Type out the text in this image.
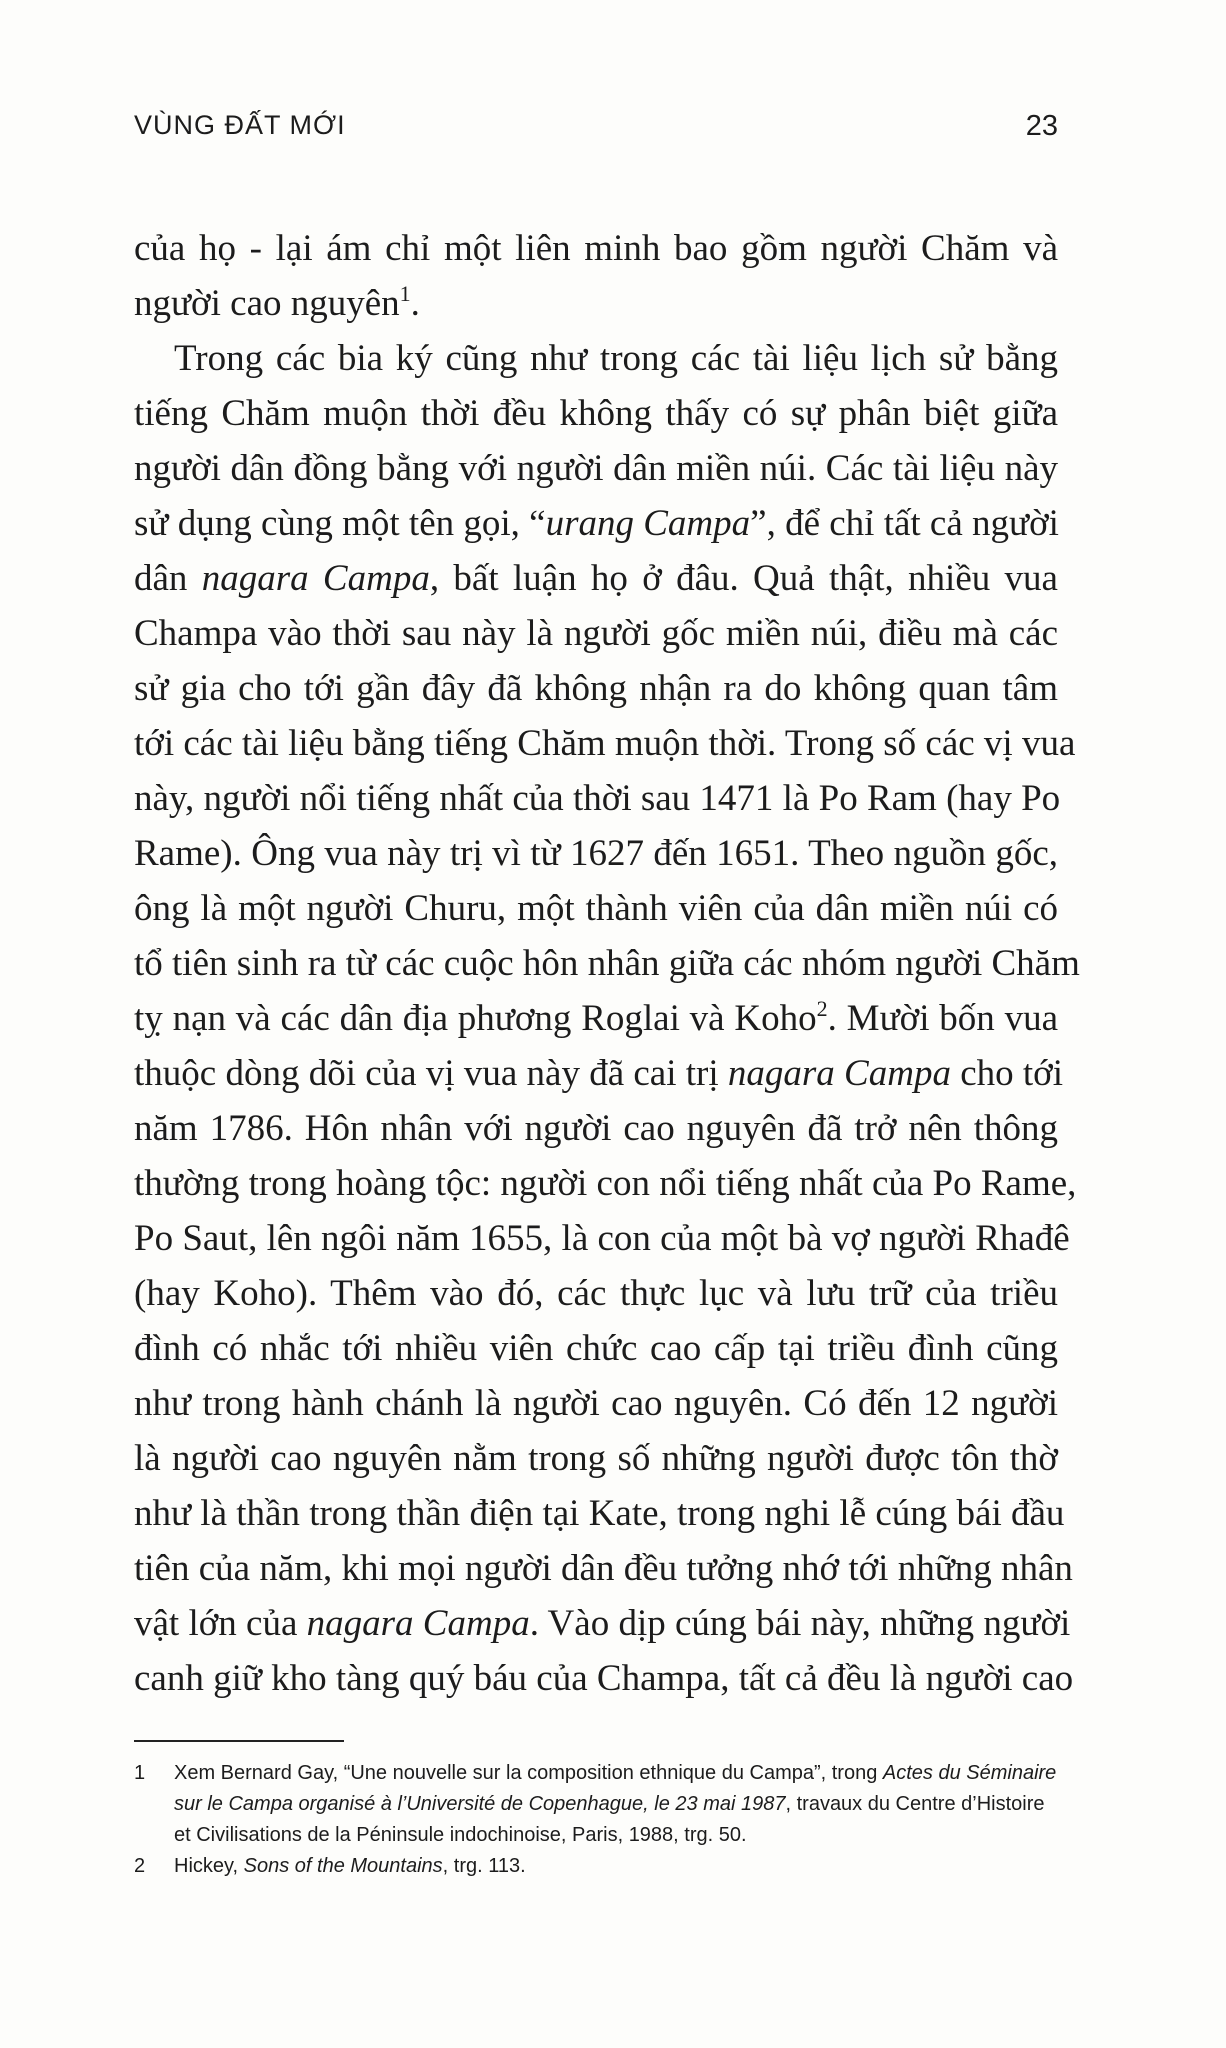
VÙNG ĐẤT MỚI	23
của họ - lại ám chỉ một liên minh bao gồm người Chăm và
người cao nguyên$^1$.
Trong các bia ký cũng như trong các tài liệu lịch sử bằng
tiếng Chăm muộn thời đều không thấy có sự phân biệt giữa
người dân đồng bằng với người dân miền núi. Các tài liệu này
sử dụng cùng một tên gọi, “urang Campa”, để chỉ tất cả người
dân nagara Campa, bất luận họ ở đâu. Quả thật, nhiều vua
Champa vào thời sau này là người gốc miền núi, điều mà các
sử gia cho tới gần đây đã không nhận ra do không quan tâm
tới các tài liệu bằng tiếng Chăm muộn thời. Trong số các vị vua
này, người nổi tiếng nhất của thời sau 1471 là Po Ram (hay Po
Rame). Ông vua này trị vì từ 1627 đến 1651. Theo nguồn gốc,
ông là một người Churu, một thành viên của dân miền núi có
tổ tiên sinh ra từ các cuộc hôn nhân giữa các nhóm người Chăm
tỵ nạn và các dân địa phương Roglai và Koho$^2$. Mười bốn vua
thuộc dòng dõi của vị vua này đã cai trị nagara Campa cho tới
năm 1786. Hôn nhân với người cao nguyên đã trở nên thông
thường trong hoàng tộc: người con nổi tiếng nhất của Po Rame,
Po Saut, lên ngôi năm 1655, là con của một bà vợ người Rhađê
(hay Koho). Thêm vào đó, các thực lục và lưu trữ của triều
đình có nhắc tới nhiều viên chức cao cấp tại triều đình cũng
như trong hành chánh là người cao nguyên. Có đến 12 người
là người cao nguyên nằm trong số những người được tôn thờ
như là thần trong thần điện tại Kate, trong nghi lễ cúng bái đầu
tiên của năm, khi mọi người dân đều tưởng nhớ tới những nhân
vật lớn của nagara Campa. Vào dịp cúng bái này, những người
canh giữ kho tàng quý báu của Champa, tất cả đều là người cao
1 Xem Bernard Gay, “Une nouvelle sur la composition ethnique du Campa”, trong Actes du Séminaire
sur le Campa organisé à l’Université de Copenhague, le 23 mai 1987, travaux du Centre d’Histoire
et Civilisations de la Péninsule indochinoise, Paris, 1988, trg. 50.
2 Hickey, Sons of the Mountains, trg. 113.
